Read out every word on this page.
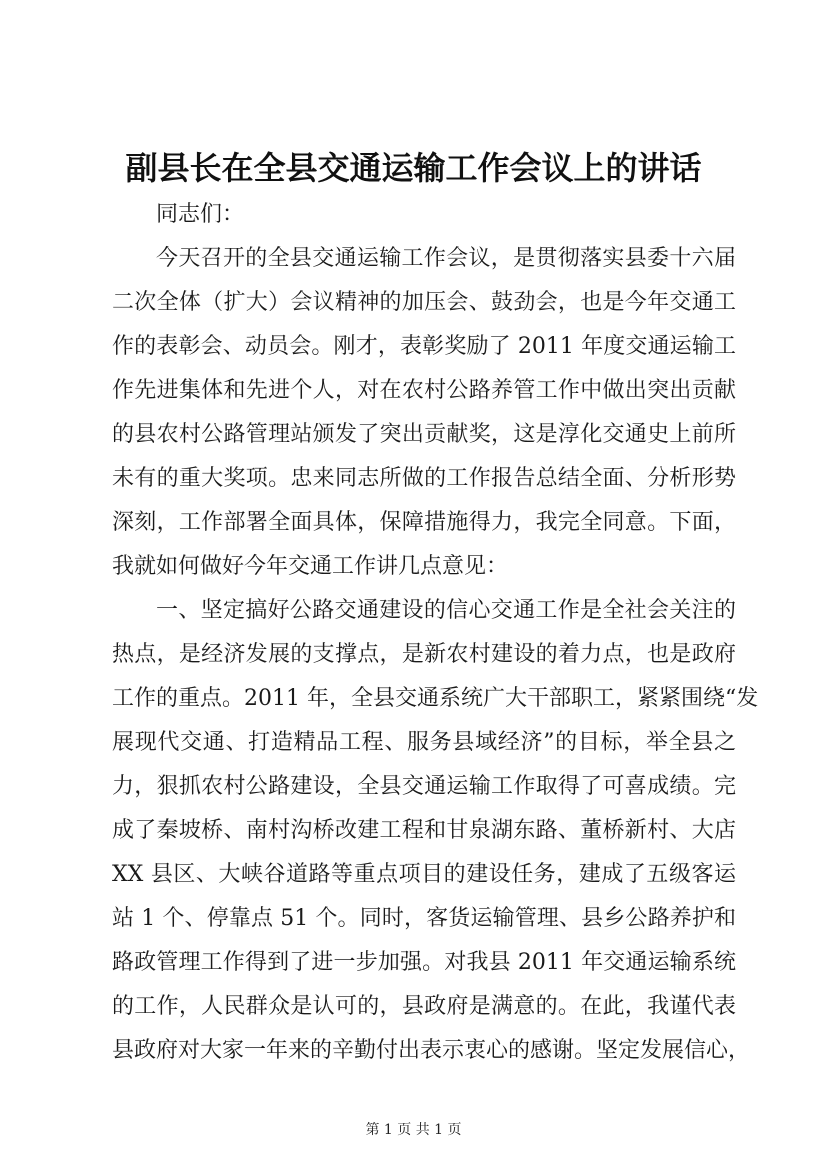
副县长在全县交通运输工作会议上的讲话
同志们：
今天召开的全县交通运输工作会议，是贯彻落实县委十六届
二次全体（扩大）会议精神的加压会、鼓劲会，也是今年交通工
作的表彰会、动员会。刚才，表彰奖励了 2011 年度交通运输工
作先进集体和先进个人，对在农村公路养管工作中做出突出贡献
的县农村公路管理站颁发了突出贡献奖，这是淳化交通史上前所
未有的重大奖项。忠来同志所做的工作报告总结全面、分析形势
深刻，工作部署全面具体，保障措施得力，我完全同意。下面，
我就如何做好今年交通工作讲几点意见：
一、坚定搞好公路交通建设的信心交通工作是全社会关注的
热点，是经济发展的支撑点，是新农村建设的着力点，也是政府
工作的重点。2011 年，全县交通系统广大干部职工，紧紧围绕“发
展现代交通、打造精品工程、服务县域经济”的目标，举全县之
力，狠抓农村公路建设，全县交通运输工作取得了可喜成绩。完
成了秦坡桥、南村沟桥改建工程和甘泉湖东路、董桥新村、大店
XX 县区、大峡谷道路等重点项目的建设任务，建成了五级客运
站 1 个、停靠点 51 个。同时，客货运输管理、县乡公路养护和
路政管理工作得到了进一步加强。对我县 2011 年交通运输系统
的工作，人民群众是认可的，县政府是满意的。在此，我谨代表
县政府对大家一年来的辛勤付出表示衷心的感谢。坚定发展信心，
第 1 页 共 1 页
